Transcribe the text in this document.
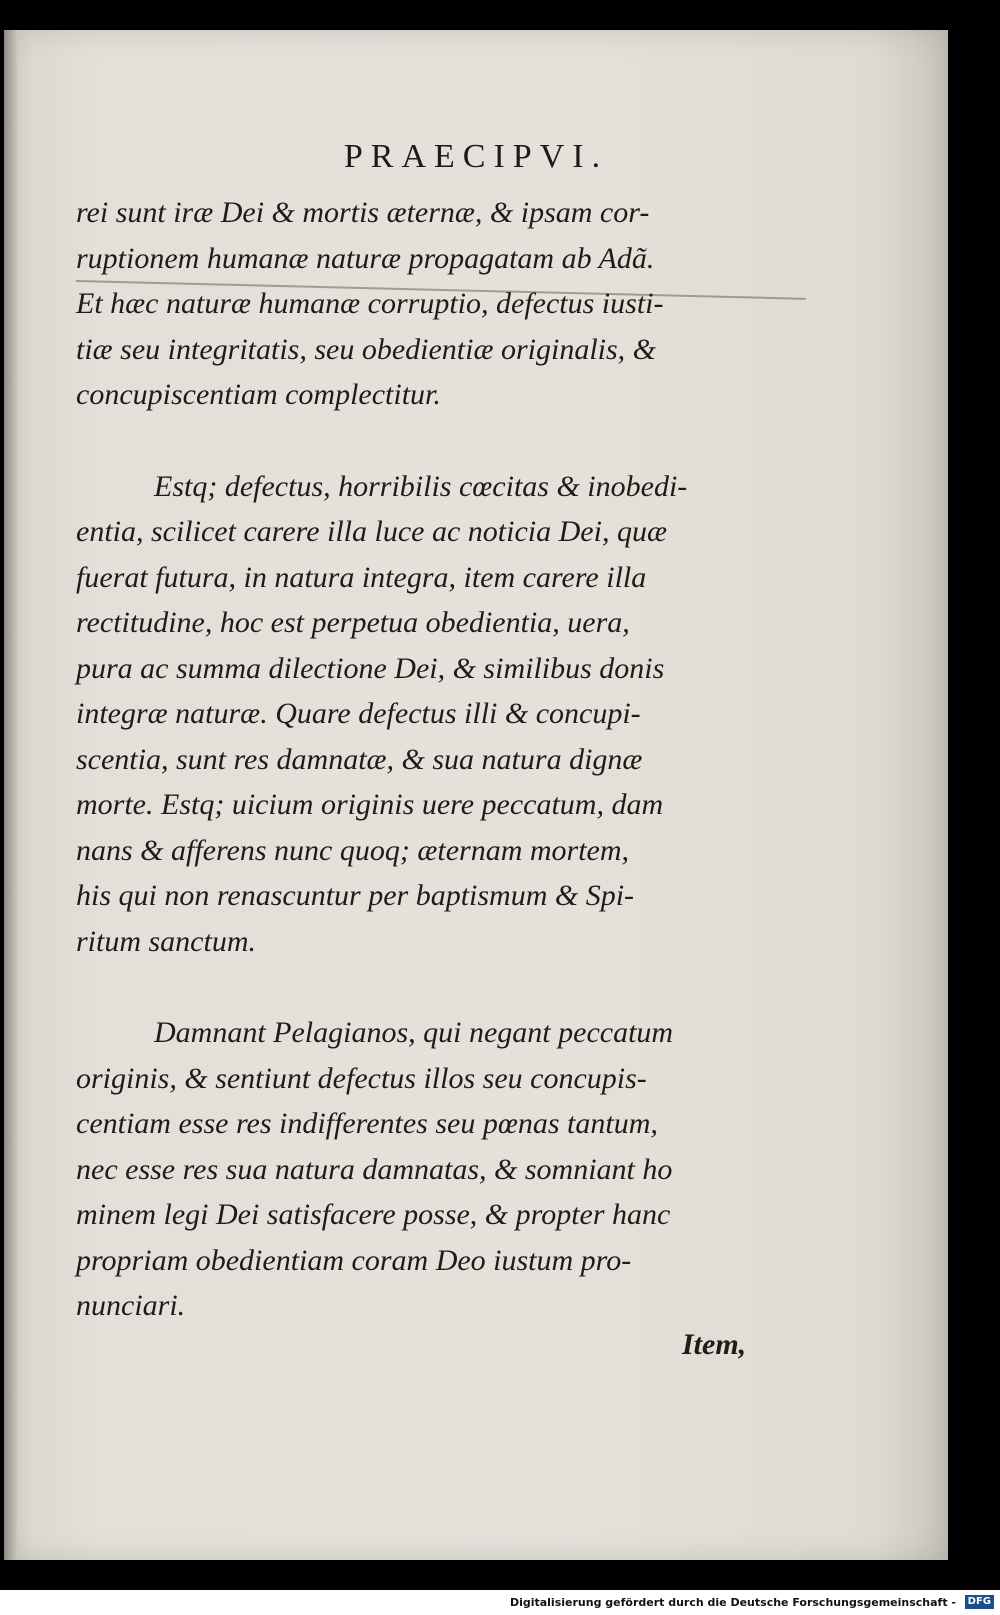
PRAECIPVI.
rei sunt iræ Dei & mortis æternæ, & ipsam cor-
ruptionem humanæ naturæ propagatam ab Adã.
Et hæc naturæ humanæ corruptio, defectus iusti-
tiæ seu integritatis, seu obedientiæ originalis, &
concupiscentiam complectitur.
Estq; defectus, horribilis cœcitas & inobedi-
entia, scilicet carere illa luce ac noticia Dei, quæ
fuerat futura, in natura integra, item carere illa
rectitudine, hoc est perpetua obedientia, uera,
pura ac summa dilectione Dei, & similibus donis
integræ naturæ. Quare defectus illi & concupi-
scentia, sunt res damnatæ, & sua natura dignæ
morte. Estq; uicium originis uere peccatum, dam
nans & afferens nunc quoq; æternam mortem,
his qui non renascuntur per baptismum & Spi-
ritum sanctum.
Damnant Pelagianos, qui negant peccatum
originis, & sentiunt defectus illos seu concupis-
centiam esse res indifferentes seu pœnas tantum,
nec esse res sua natura damnatas, & somniant ho
minem legi Dei satisfacere posse, & propter hanc
propriam obedientiam coram Deo iustum pro-
nunciari.
Item,
Digitalisierung gefördert durch die Deutsche Forschungsgemeinschaft -	DFG
